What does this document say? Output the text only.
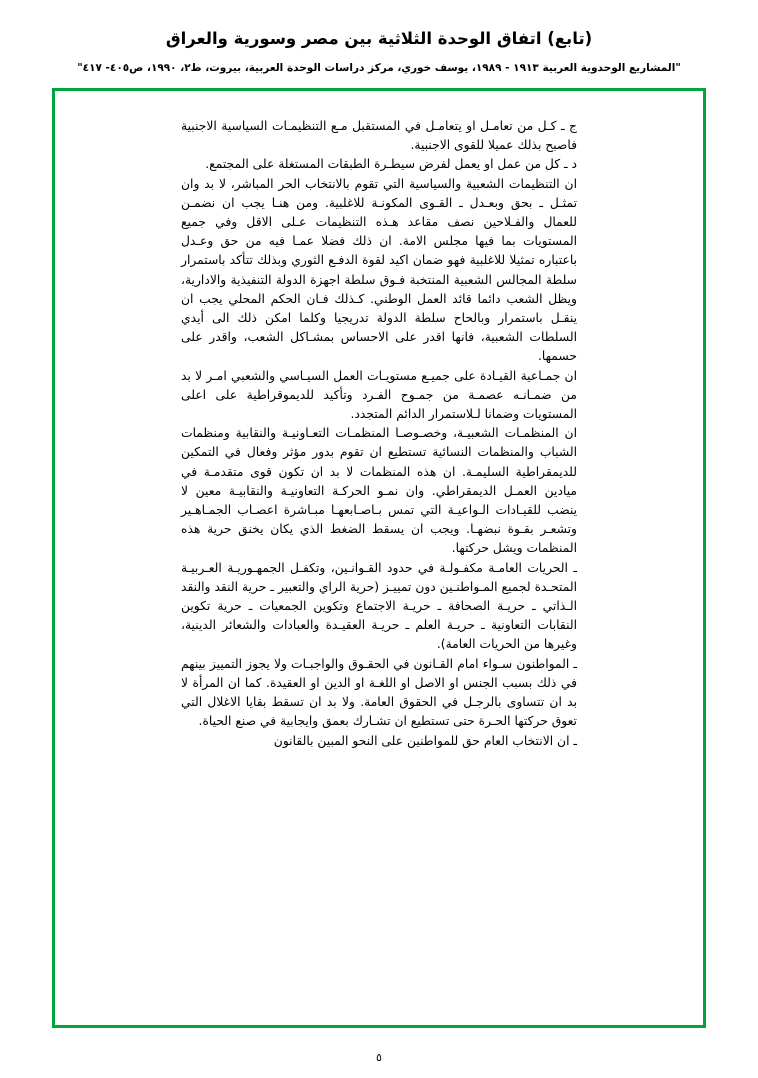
(تابع) اتفاق الوحدة الثلاثية بين مصر وسورية والعراق
"المشاريع الوحدوية العربية ١٩١٣ - ١٩٨٩، يوسف خوري، مركز دراسات الوحدة العربية، بيروت، ط٢، ١٩٩٠، ص٤٠٥- ٤١٧"

ج ـ كـل من تعامـل او يتعامـل في المستقبل مـع التنظيمـات السياسية الاجنبية فاصبح بذلك عميلا للقوى الاجنبية.

د ـ كل من عمل او يعمل لفرض سيطـرة الطبقات المستغلة على المجتمع.

ان التنظيمات الشعبية والسياسية التي تقوم بالانتخاب الحر المباشر، لا بد وان تمثـل ـ بحق وبعـدل ـ القـوى المكونـة للاغلبية. ومن هنـا يجب ان نضمـن للعمال والفـلاحين نصف مقاعد هـذه التنظيمات عـلى الاقل وفي جميع المستويات بما فيها مجلس الامة. ان ذلك فضلا عمـا فيه من حق وعـدل باعتباره تمثيلا للاغلبية فهو ضمان اكيد لقوة الدفـع الثوري وبذلك تتأكد باستمرار سلطة المجالس الشعبية المنتخبة فـوق سلطة اجهزة الدولة التنفيذية والادارية، ويظل الشعب دائما قائد العمل الوطني. كـذلك فـان الحكم المحلي يجب ان ينقـل باستمرار وبالحاح سلطة الدولة تدريجيا وكلما امكن ذلك الى أيدي السلطات الشعبية، فانها اقدر على الاحساس بمشـاكل الشعب، واقدر على حسمها.

ان جمـاعية القيـادة على جميـع مستويـات العمل السيـاسي والشعبي امـر لا بد من ضمـانـه عصمـة من جمـوح الفـرد وتأكيد للديموقراطية على اعلى المستويات وضمانا لـلاستمرار الدائم المتجدد.

ان المنظمـات الشعبيـة، وخصـوصـا المنظمـات التعـاونيـة والنقابية ومنظمات الشباب والمنظمات النسائية تستطيع ان تقوم بدور مؤثر وفعال في التمكين للديمقراطية السليمـة. ان هذه المنظمات لا بد ان تكون قوى متقدمـة في ميادين العمـل الديمقراطي. وان نمـو الحركـة التعاونيـة والنقابيـة معين لا ينضب للقيـادات الـواعيـة التي تمس بـاصـابعهـا مبـاشرة اعصـاب الجمـاهـير وتشعـر بقـوة نبضهـا. ويجب ان يسقط الضغط الذي يكان يخنق حرية هذه المنظمات ويشل حركتها.

ـ الحريات العامـة مكفـولـة في حدود القـوانـين، وتكفـل الجمهـوريـة العـربيـة المتحـدة لجميع المـواطنـين دون تمييـز (حرية الراي والتعبير ـ حرية النقد والنقد الـذاتي ـ حريـة الصحافة ـ حريـة الاجتماع وتكوين الجمعيات ـ حرية تكوين النقابات التعاونية ـ حريـة العلم ـ حريـة العقيـدة والعبادات والشعائر الدينية، وغيرها من الحريات العامة).

ـ المواطنون سـواء امام القـانون في الحقـوق والواجبـات ولا يجوز التمييز بينهم في ذلك بسبب الجنس او الاصل او اللغـة او الدين او العقيدة. كما ان المرأة لا بد ان تتساوى بالرجـل في الحقوق العامة. ولا بد ان تسقط بقايا الاغلال التي تعوق حركتها الحـرة حتى تستطيع ان تشـارك بعمق وايجابية في صنع الحياة.

ـ ان الانتخاب العام حق للمواطنين على النحو المبين بالقانون

٥
